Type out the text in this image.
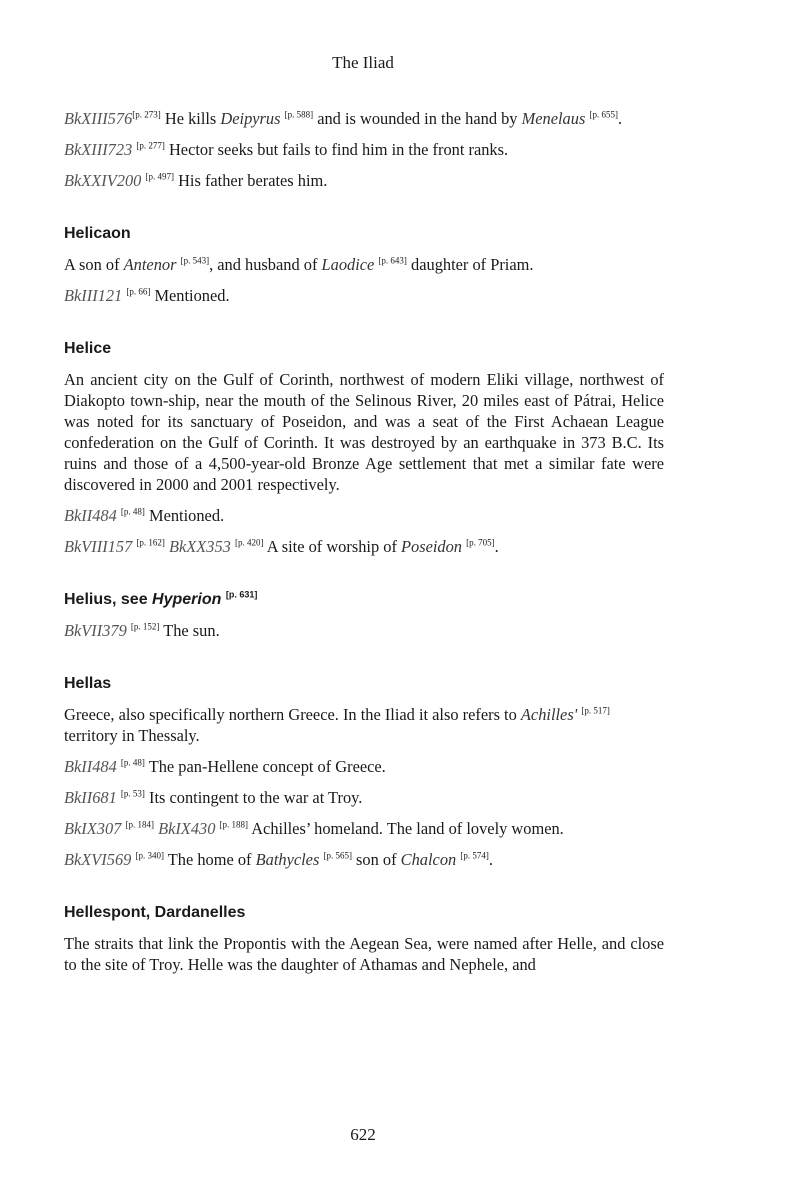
The Iliad

BkXIII576[p. 273] He kills Deipyrus [p. 588] and is wounded in the hand by Menelaus [p. 655].

BkXIII723 [p. 277] Hector seeks but fails to find him in the front ranks.

BkXXIV200 [p. 497] His father berates him.

Helicaon

A son of Antenor [p. 543], and husband of Laodice [p. 643] daughter of Priam.

BkIII121 [p. 66] Mentioned.

Helice

An ancient city on the Gulf of Corinth, northwest of modern Eliki village, northwest of Diakopto town-ship, near the mouth of the Selinous River, 20 miles east of Pátrai, Helice was noted for its sanctuary of Poseidon, and was a seat of the First Achaean League confederation on the Gulf of Corinth. It was destroyed by an earthquake in 373 B.C. Its ruins and those of a 4,500-year-old Bronze Age settlement that met a similar fate were discovered in 2000 and 2001 respectively.

BkII484 [p. 48] Mentioned.

BkVIII157 [p. 162] BkXX353 [p. 420] A site of worship of Poseidon [p. 705].

Helius, see Hyperion [p. 631]

BkVII379 [p. 152] The sun.

Hellas

Greece, also specifically northern Greece. In the Iliad it also refers to Achilles' [p. 517] territory in Thessaly.

BkII484 [p. 48] The pan-Hellene concept of Greece.

BkII681 [p. 53] Its contingent to the war at Troy.

BkIX307 [p. 184] BkIX430 [p. 188] Achilles’ homeland. The land of lovely women.

BkXVI569 [p. 340] The home of Bathycles [p. 565] son of Chalcon [p. 574].

Hellespont, Dardanelles

The straits that link the Propontis with the Aegean Sea, were named after Helle, and close to the site of Troy. Helle was the daughter of Athamas and Nephele, and

622
